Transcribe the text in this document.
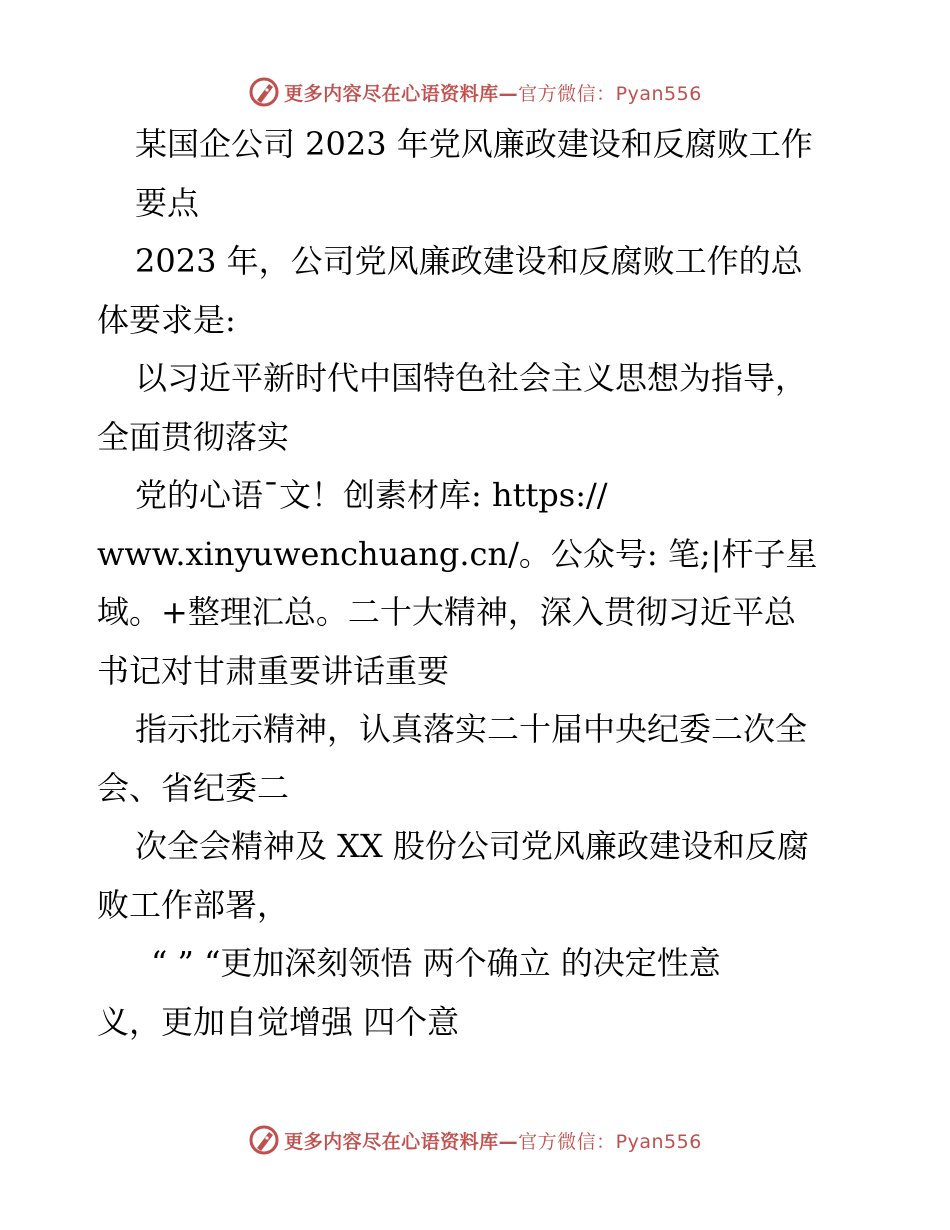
更多内容尽在心语资料库—官方微信：Pyan556
某国企公司 2023 年党风廉政建设和反腐败工作
要点
2023 年，公司党风廉政建设和反腐败工作的总
体要求是:
以习近平新时代中国特色社会主义思想为指导，
全面贯彻落实
党的心语¯文！创素材库: https://
www.xinyuwenchuang.cn/。公众号: 笔;|杆子星
域。+整理汇总。二十大精神，深入贯彻习近平总
书记对甘肃重要讲话重要
指示批示精神，认真落实二十届中央纪委二次全
会、省纪委二
次全会精神及 XX 股份公司党风廉政建设和反腐
败工作部署，
“ ” “更加深刻领悟 两个确立 的决定性意
义，更加自觉增强 四个意
更多内容尽在心语资料库—官方微信：Pyan556
